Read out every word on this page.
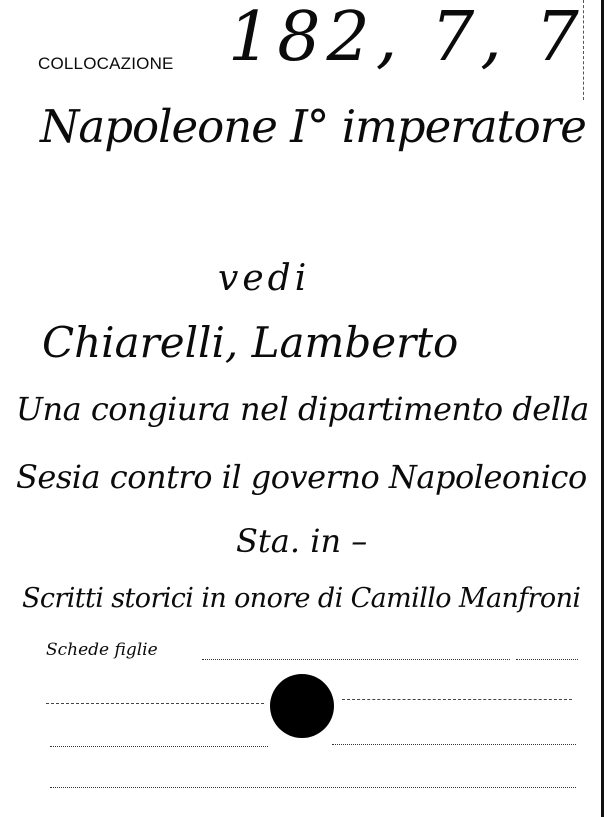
COLLOCAZIONE 182, 7, 7
Napoleone I° imperatore
vedi
Chiarelli, Lamberto
Una congiura nel dipartimento della
Sesia contro il governo Napoleonico
Sta. in –
Scritti storici in onore di Camillo Manfroni
Schede figlie
